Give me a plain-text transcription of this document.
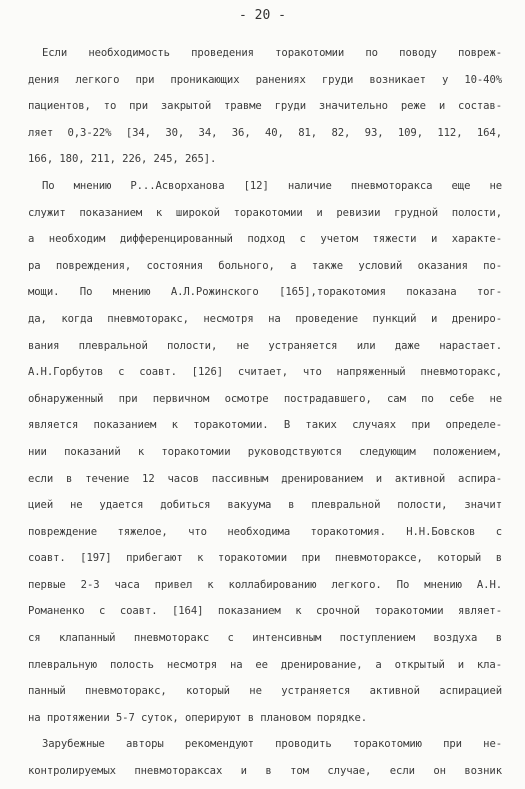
- 20 -
Если необходимость проведения торакотомии по поводу повреж-
дения легкого при проникающих ранениях груди возникает у 10-40%
пациентов, то при закрытой травме груди значительно реже и состав-
ляет 0,3-22% [34, 30, 34, 36, 40, 81, 82, 93, 109, 112, 164,
166, 180, 211, 226, 245, 265].
По мнению Р...Асворханова [12] наличие пневмоторакса еще не
служит показанием к широкой торакотомии и ревизии грудной полости,
а необходим дифференцированный подход с учетом тяжести и характе-
ра повреждения, состояния больного, а также условий оказания по-
мощи. По мнению А.Л.Рожинского [165],торакотомия показана тог-
да, когда пневмоторакс, несмотря на проведение пункций и дрениро-
вания плевральной полости, не устраняется или даже нарастает.
А.Н.Горбутов с соавт. [126] считает, что напряженный пневмоторакс,
обнаруженный при первичном осмотре пострадавшего, сам по себе не
является показанием к торакотомии. В таких случаях при определе-
нии показаний к торакотомии руководствуются следующим положением,
если в течение 12 часов пассивным дренированием и активной аспира-
цией не удается добиться вакуума в плевральной полости, значит
повреждение тяжелое, что необходима торакотомия. Н.Н.Бовсков с
соавт. [197] прибегают к торакотомии при пневмотораксе, который в
первые 2-3 часа привел к коллабированию легкого. По мнению А.Н.
Романенко с соавт. [164] показанием к срочной торакотомии являет-
ся клапанный пневмоторакс с интенсивным поступлением воздуха в
плевральную полость несмотря на ее дренирование, а открытый и кла-
панный пневмоторакс, который не устраняется активной аспирацией
на протяжении 5-7 суток, оперируют в плановом порядке.
Зарубежные авторы рекомендуют проводить торакотомию при не-
контролируемых пневмотораксах и в том случае, если он возник
